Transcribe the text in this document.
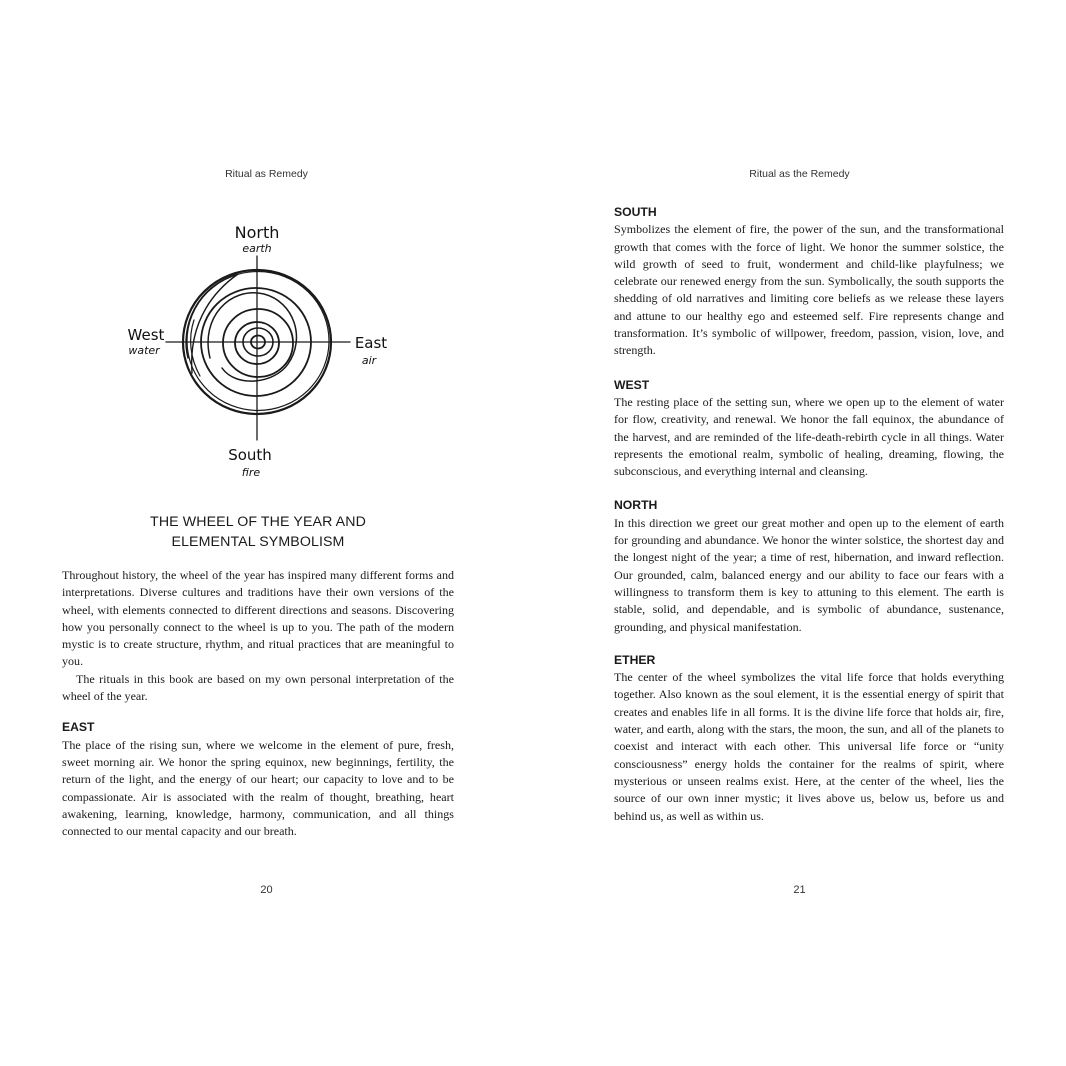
Ritual as Remedy
North
earth
West
water	East
air
South
fire
THE WHEEL OF THE YEAR AND
ELEMENTAL SYMBOLISM

Throughout history, the wheel of the year has inspired many different forms and interpretations. Diverse cultures and traditions have their own versions of the wheel, with elements connected to different directions and seasons. Discovering how you personally connect to the wheel is up to you. The path of the modern mystic is to create structure, rhythm, and ritual practices that are meaningful to you.

The rituals in this book are based on my own personal interpretation of the wheel of the year.

EAST

The place of the rising sun, where we welcome in the element of pure, fresh, sweet morning air. We honor the spring equinox, new beginnings, fertility, the return of the light, and the energy of our heart; our capacity to love and to be compassionate. Air is associated with the realm of thought, breathing, heart awakening, learning, knowledge, harmony, communication, and all things connected to our mental capacity and our breath.

20
Ritual as the Remedy
SOUTH

Symbolizes the element of fire, the power of the sun, and the transformational growth that comes with the force of light. We honor the summer solstice, the wild growth of seed to fruit, wonderment and child-like playfulness; we celebrate our renewed energy from the sun. Symbolically, the south supports the shedding of old narratives and limiting core beliefs as we release these layers and attune to our healthy ego and esteemed self. Fire represents change and transformation. It’s symbolic of willpower, freedom, passion, vision, love, and strength.

WEST

The resting place of the setting sun, where we open up to the element of water for flow, creativity, and renewal. We honor the fall equinox, the abundance of the harvest, and are reminded of the life-death-rebirth cycle in all things. Water represents the emotional realm, symbolic of healing, dreaming, flowing, the subconscious, and everything internal and cleansing.

NORTH

In this direction we greet our great mother and open up to the element of earth for grounding and abundance. We honor the winter solstice, the shortest day and the longest night of the year; a time of rest, hibernation, and inward reflection. Our grounded, calm, balanced energy and our ability to face our fears with a willingness to transform them is key to attuning to this element. The earth is stable, solid, and dependable, and is symbolic of abundance, sustenance, grounding, and physical manifestation.

ETHER

The center of the wheel symbolizes the vital life force that holds everything together. Also known as the soul element, it is the essential energy of spirit that creates and enables life in all forms. It is the divine life force that holds air, fire, water, and earth, along with the stars, the moon, the sun, and all of the planets to coexist and interact with each other. This universal life force or “unity consciousness” energy holds the container for the realms of spirit, where mysterious or unseen realms exist. Here, at the center of the wheel, lies the source of our own inner mystic; it lives above us, below us, before us and behind us, as well as within us.

21
